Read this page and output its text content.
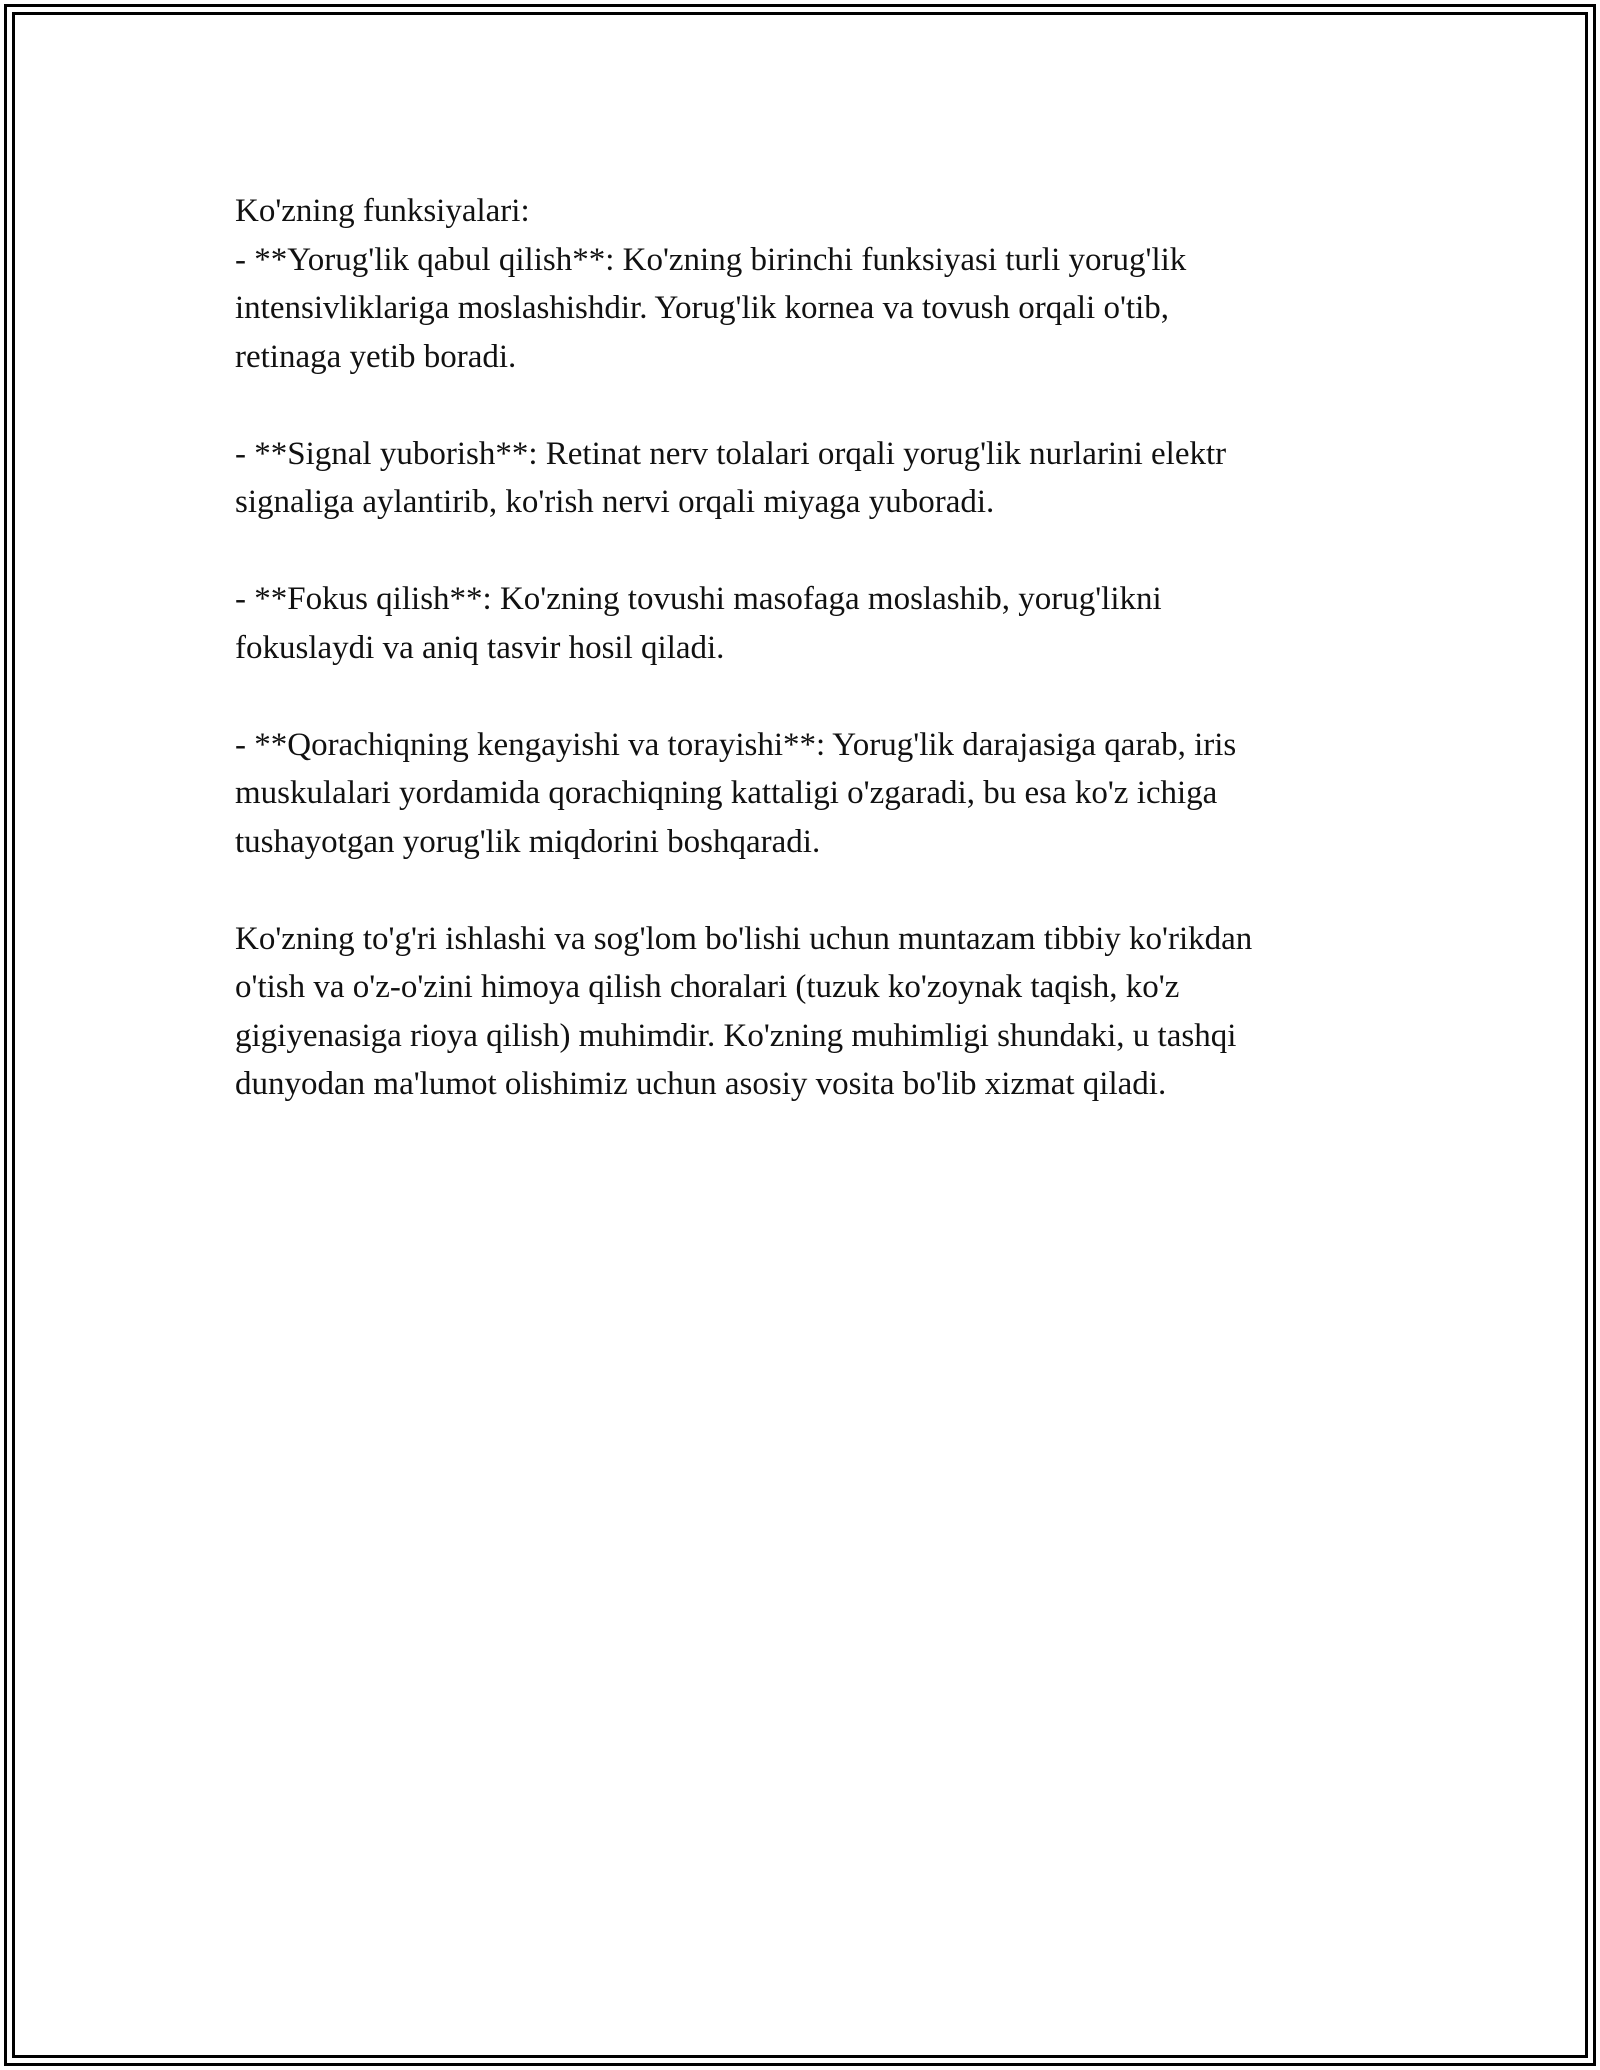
Ko'zning funksiyalari:
- **Yorug'lik qabul qilish**: Ko'zning birinchi funksiyasi turli yorug'lik
intensivliklariga moslashishdir. Yorug'lik kornea va tovush orqali o'tib,
retinaga yetib boradi.
- **Signal yuborish**: Retinat nerv tolalari orqali yorug'lik nurlarini elektr
signaliga aylantirib, ko'rish nervi orqali miyaga yuboradi.
- **Fokus qilish**: Ko'zning tovushi masofaga moslashib, yorug'likni
fokuslaydi va aniq tasvir hosil qiladi.
- **Qorachiqning kengayishi va torayishi**: Yorug'lik darajasiga qarab, iris
muskulalari yordamida qorachiqning kattaligi o'zgaradi, bu esa ko'z ichiga
tushayotgan yorug'lik miqdorini boshqaradi.
Ko'zning to'g'ri ishlashi va sog'lom bo'lishi uchun muntazam tibbiy ko'rikdan
o'tish va o'z-o'zini himoya qilish choralari (tuzuk ko'zoynak taqish, ko'z
gigiyenasiga rioya qilish) muhimdir. Ko'zning muhimligi shundaki, u tashqi
dunyodan ma'lumot olishimiz uchun asosiy vosita bo'lib xizmat qiladi.
